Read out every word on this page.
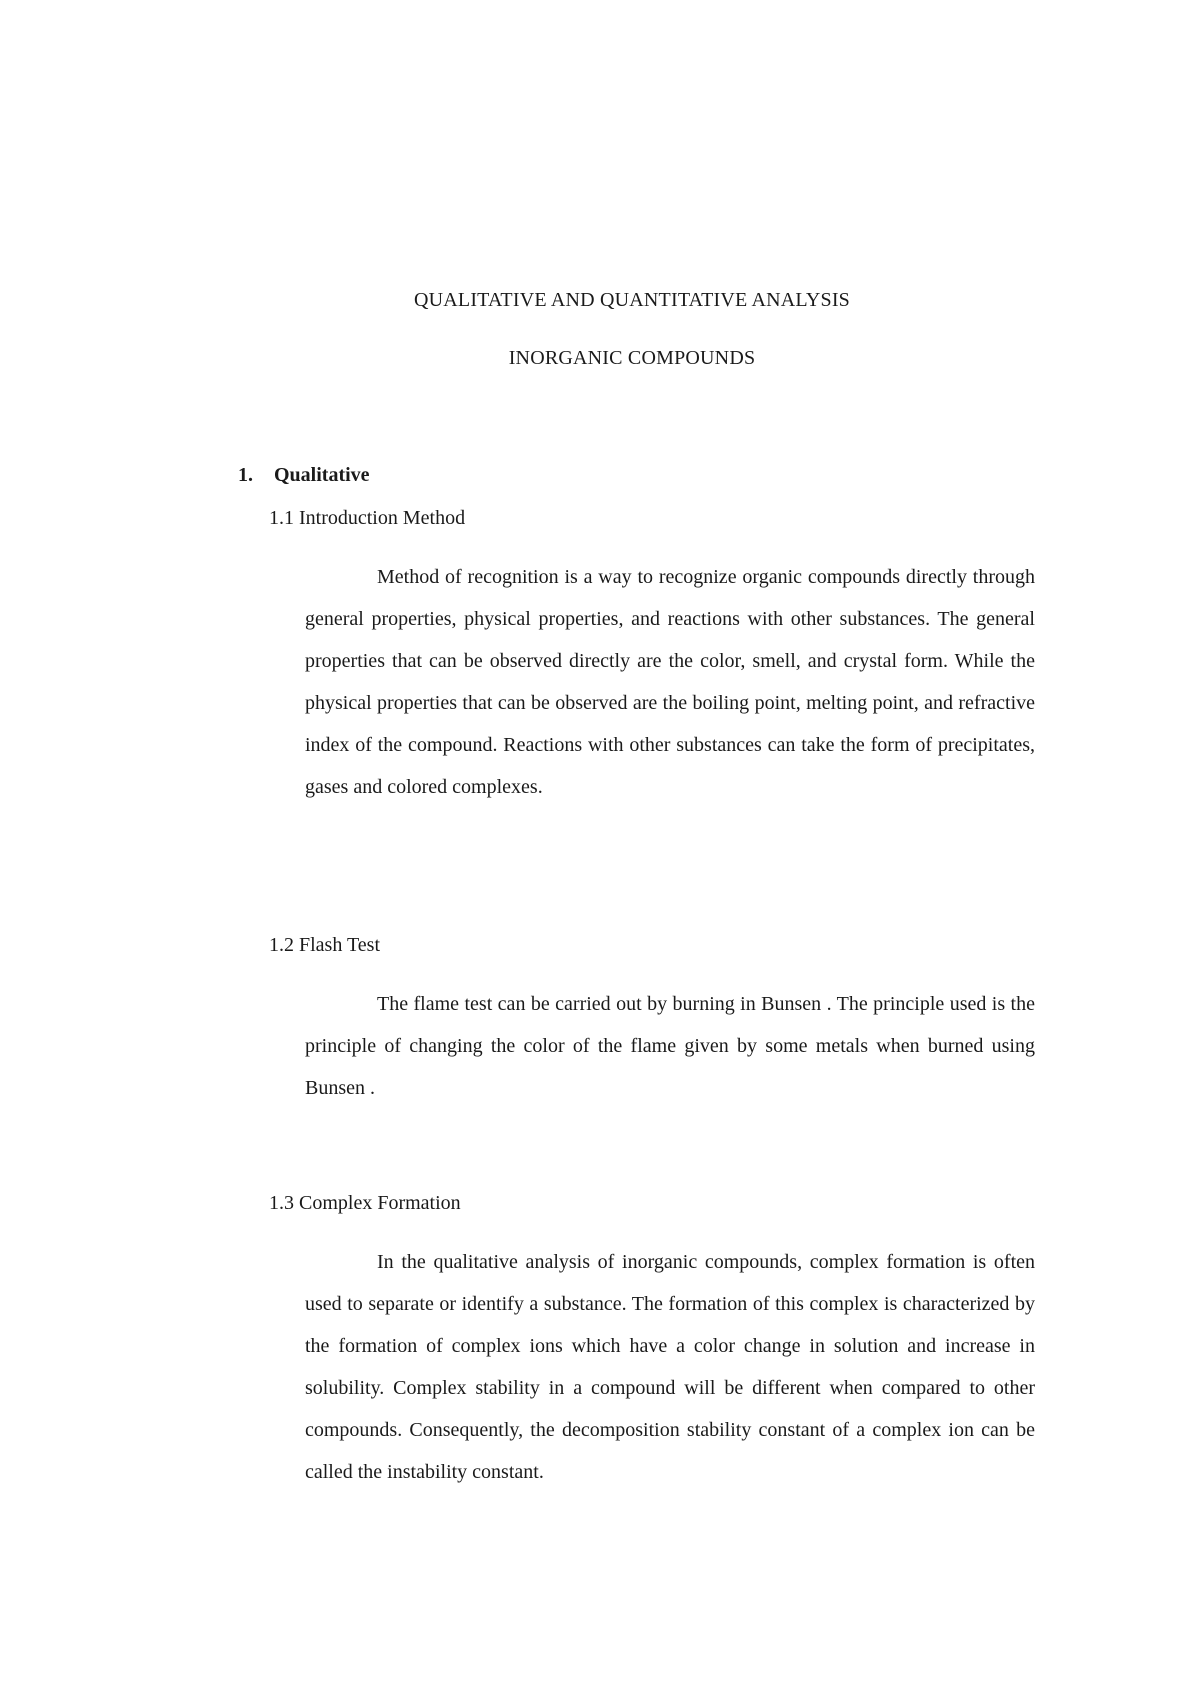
QUALITATIVE AND QUANTITATIVE ANALYSIS
INORGANIC COMPOUNDS
1. Qualitative
1.1 Introduction Method

Method of recognition is a way to recognize organic compounds directly through general properties, physical properties, and reactions with other substances. The general properties that can be observed directly are the color, smell, and crystal form. While the physical properties that can be observed are the boiling point, melting point, and refractive index of the compound. Reactions with other substances can take the form of precipitates, gases and colored complexes.

1.2 Flash Test

The flame test can be carried out by burning in Bunsen . The principle used is the principle of changing the color of the flame given by some metals when burned using Bunsen .

1.3 Complex Formation

In the qualitative analysis of inorganic compounds, complex formation is often used to separate or identify a substance. The formation of this complex is characterized by the formation of complex ions which have a color change in solution and increase in solubility. Complex stability in a compound will be different when compared to other compounds. Consequently, the decomposition stability constant of a complex ion can be called the instability constant.
